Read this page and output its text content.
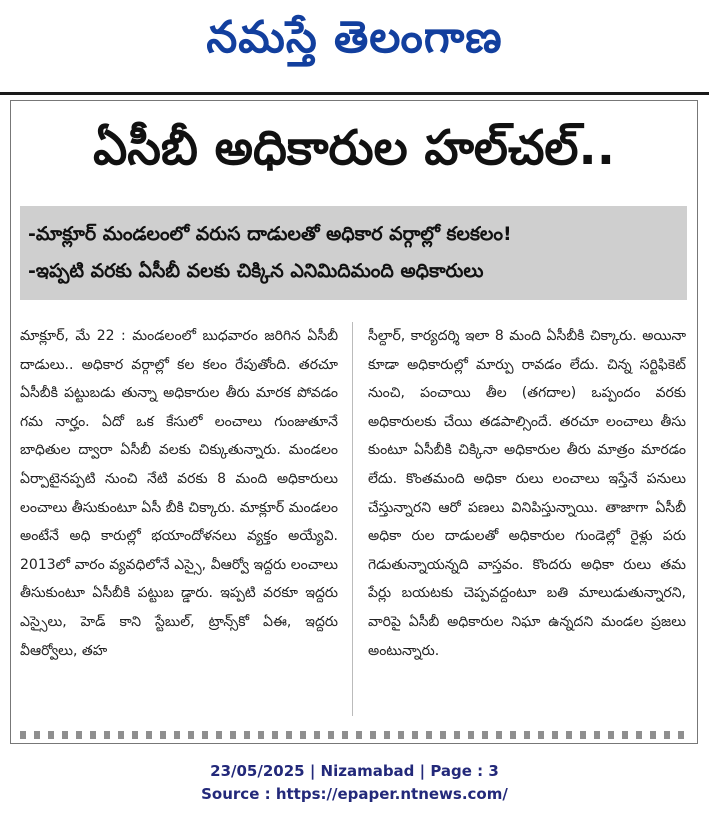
నమస్తే తెలంగాణ
ఏసీబీ అధికారుల హల్‌చల్‌..
-మాక్లూర్‌ మండలంలో వరుస దాడులతో అధికార వర్గాల్లో కలకలం!
-ఇప్పటి వరకు ఏసీబీ వలకు చిక్కిన ఎనిమిదిమంది అధికారులు
మాక్లూర్‌, మే 22 : మండలంలో బుధవారం జరిగిన ఏసీబీ దాడులు.. అధికార వర్గాల్లో కల కలం రేపుతోంది. తరచూ ఏసీబీకి పట్టుబడు తున్నా అధికారుల తీరు మారక పోవడం గమ నార్హం. ఏదో ఒక కేసులో లంచాలు గుంజుతూనే బాధితుల ద్వారా ఏసీబీ వలకు చిక్కుతున్నారు. మండలం ఏర్పాటైనప్పటి నుంచి నేటి వరకు 8 మంది అధికారులు లంచాలు తీసుకుంటూ ఏసీ బీకి చిక్కారు. మాక్లూర్‌ మండలం అంటేనే అధి కారుల్లో భయాందోళనలు వ్యక్తం అయ్యేవి. 2013లో వారం వ్యవధిలోనే ఎస్సై, వీఆర్వో ఇద్దరు లంచాలు తీసుకుంటూ ఏసీబీకి పట్టుబ డ్డారు. ఇప్పటి వరకూ ఇద్దరు ఎస్సైలు, హెడ్‌ కాని స్టేబుల్‌, ట్రాన్స్‌కో ఏఈ, ఇద్దరు వీఆర్వోలు, తహ
సీల్దార్‌, కార్యదర్శి ఇలా 8 మంది ఏసీబీకి చిక్కారు. అయినా కూడా అధికారుల్లో మార్పు రావడం లేదు. చిన్న సర్టిఫికెట్‌ నుంచి, పంచాయి తీల (తగదాల) ఒప్పందం వరకు అధికారులకు చేయి తడపాల్సిందే. తరచూ లంచాలు తీసు కుంటూ ఏసీబీకి చిక్కినా అధికారుల తీరు మాత్రం మారడం లేదు. కొంతమంది అధికా రులు లంచాలు ఇస్తేనే పనులు చేస్తున్నారని ఆరో పణలు వినిపిస్తున్నాయి. తాజాగా ఏసీబీ అధికా రుల దాడులతో అధికారుల గుండెల్లో రైళ్లు పరు గెడుతున్నాయన్నది వాస్తవం. కొందరు అధికా రులు తమ పేర్లు బయటకు చెప్పవద్దంటూ బతి మాలుడుతున్నారని, వారిపై ఏసీబీ అధికారుల నిఘా ఉన్నదని మండల ప్రజలు అంటున్నారు.
23/05/2025 | Nizamabad | Page : 3
Source : https://epaper.ntnews.com/
